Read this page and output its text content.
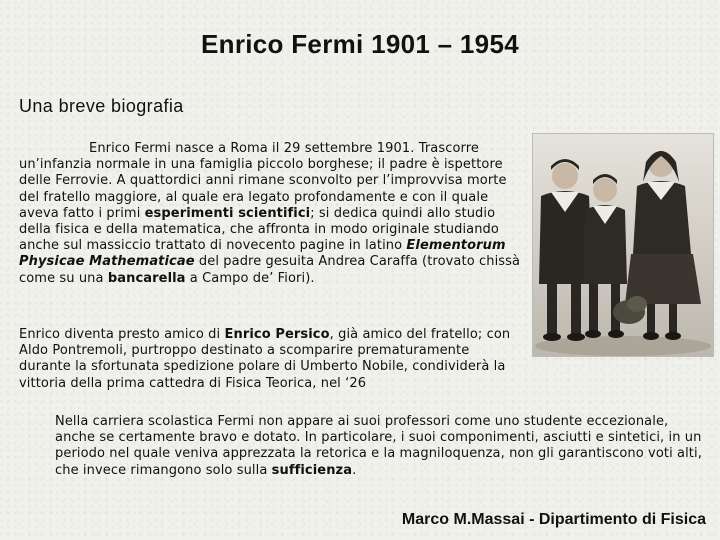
Enrico Fermi 1901 – 1954
Una breve biografia

Enrico Fermi nasce a Roma il 29 settembre 1901. Trascorre un’infanzia normale in una famiglia piccolo borghese; il padre è ispettore delle Ferrovie. A quattordici anni rimane sconvolto per l’improvvisa morte del fratello maggiore, al quale era legato profondamente e con il quale aveva fatto i primi esperimenti scientifici; si dedica quindi allo studio della fisica e della matematica, che affronta in modo originale studiando anche sul massiccio trattato di novecento pagine in latino Elementorum Physicae Mathematicae del padre gesuita Andrea Caraffa (trovato chissà come su una bancarella a Campo de’ Fiori).

Enrico diventa presto amico di Enrico Persico, già amico del fratello; con Aldo Pontremoli, purtroppo destinato a scomparire prematuramente durante la sfortunata spedizione polare di Umberto Nobile, condividerà la vittoria della prima cattedra di Fisica Teorica, nel ‘26

Nella carriera scolastica Fermi non appare ai suoi professori come uno studente eccezionale, anche se certamente bravo e dotato. In particolare, i suoi componimenti, asciutti e sintetici, in un periodo nel quale veniva apprezzata la retorica e la magniloquenza, non gli garantiscono voti alti, che invece rimangono solo sulla sufficienza.

Marco M.Massai - Dipartimento di Fisica
